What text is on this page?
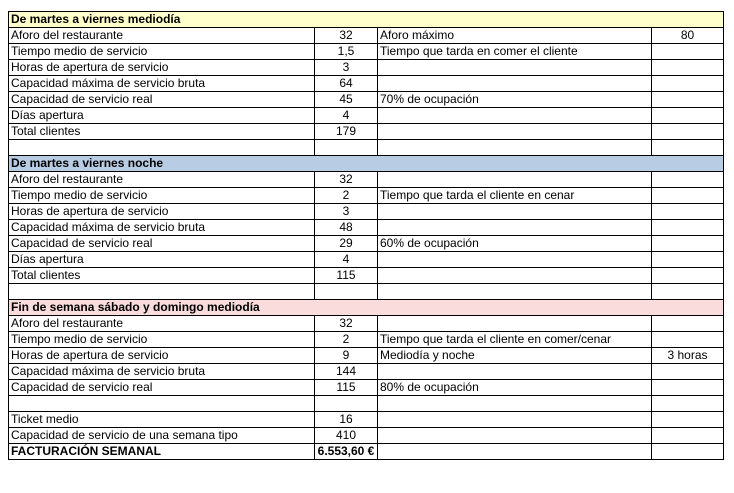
De martes a viernes mediodía			
Aforo del restaurante	32	Aforo máximo	80
Tiempo medio de servicio	1,5	Tiempo que tarda en comer el cliente	
Horas de apertura de servicio	3		
Capacidad máxima de servicio bruta	64		
Capacidad de servicio real	45	70% de ocupación	
Días apertura	4		
Total clientes	179		

De martes a viernes noche			
Aforo del restaurante	32		
Tiempo medio de servicio	2	Tiempo que tarda el cliente en cenar	
Horas de apertura de servicio	3		
Capacidad máxima de servicio bruta	48		
Capacidad de servicio real	29	60% de ocupación	
Días apertura	4		
Total clientes	115		

Fin de semana sábado y domingo mediodía			
Aforo del restaurante	32		
Tiempo medio de servicio	2	Tiempo que tarda el cliente en comer/cenar	
Horas de apertura de servicio	9	Mediodía y noche	3 horas
Capacidad máxima de servicio bruta	144		
Capacidad de servicio real	115	80% de ocupación	

Ticket medio	16		
Capacidad de servicio de una semana tipo	410		
FACTURACIÓN SEMANAL	6.553,60 €		
